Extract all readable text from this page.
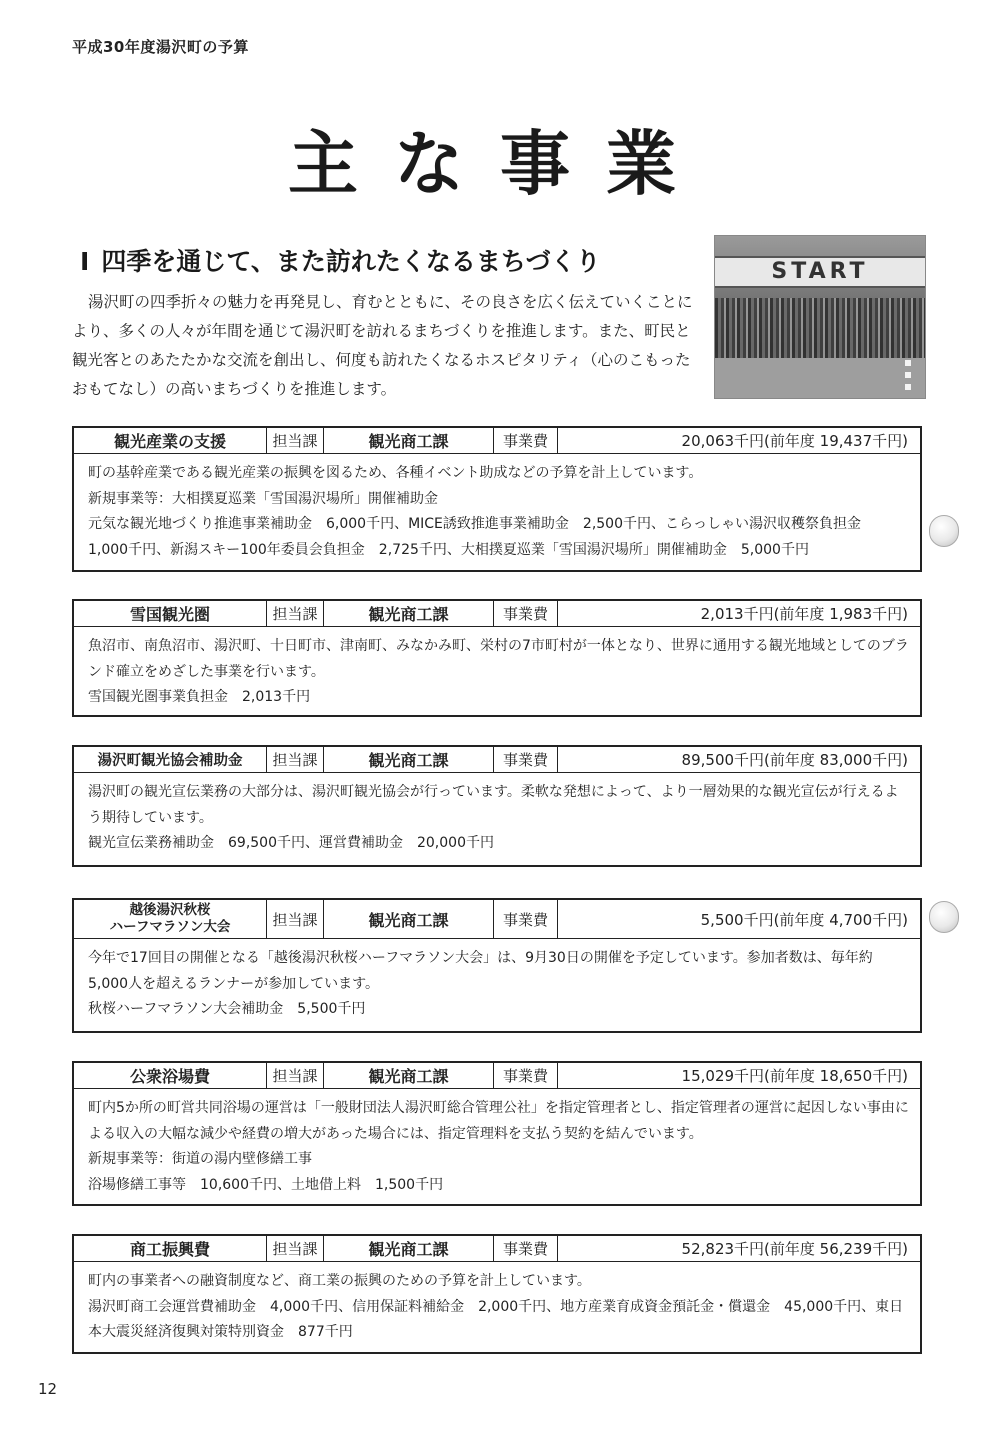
平成30年度湯沢町の予算
主な事業
Ⅰ 四季を通じて、また訪れたくなるまちづくり
湯沢町の四季折々の魅力を再発見し、育むとともに、その良さを広く伝えていくことにより、多くの人々が年間を通じて湯沢町を訪れるまちづくりを推進します。また、町民と観光客とのあたたかな交流を創出し、何度も訪れたくなるホスピタリティ（心のこもったおもてなし）の高いまちづくりを推進します。
START
観光産業の支援	担当課	観光商工課	事業費	20,063千円(前年度 19,437千円)

町の基幹産業である観光産業の振興を図るため、各種イベント助成などの予算を計上しています。

新規事業等：大相撲夏巡業「雪国湯沢場所」開催補助金

元気な観光地づくり推進事業補助金　6,000千円、MICE誘致推進事業補助金　2,500千円、こらっしゃい湯沢収穫祭負担金　1,000千円、新潟スキー100年委員会負担金　2,725千円、大相撲夏巡業「雪国湯沢場所」開催補助金　5,000千円

雪国観光圏	担当課	観光商工課	事業費	2,013千円(前年度 1,983千円)

魚沼市、南魚沼市、湯沢町、十日町市、津南町、みなかみ町、栄村の7市町村が一体となり、世界に通用する観光地域としてのブランド確立をめざした事業を行います。

雪国観光圏事業負担金　2,013千円

湯沢町観光協会補助金	担当課	観光商工課	事業費	89,500千円(前年度 83,000千円)

湯沢町の観光宣伝業務の大部分は、湯沢町観光協会が行っています。柔軟な発想によって、より一層効果的な観光宣伝が行えるよう期待しています。

観光宣伝業務補助金　69,500千円、運営費補助金　20,000千円

越後湯沢秋桜
ハーフマラソン大会	担当課	観光商工課	事業費	5,500千円(前年度 4,700千円)

今年で17回目の開催となる「越後湯沢秋桜ハーフマラソン大会」は、9月30日の開催を予定しています。参加者数は、毎年約5,000人を超えるランナーが参加しています。

秋桜ハーフマラソン大会補助金　5,500千円

公衆浴場費	担当課	観光商工課	事業費	15,029千円(前年度 18,650千円)

町内5か所の町営共同浴場の運営は「一般財団法人湯沢町総合管理公社」を指定管理者とし、指定管理者の運営に起因しない事由による収入の大幅な減少や経費の増大があった場合には、指定管理料を支払う契約を結んでいます。

新規事業等：街道の湯内壁修繕工事

浴場修繕工事等　10,600千円、土地借上料　1,500千円

商工振興費	担当課	観光商工課	事業費	52,823千円(前年度 56,239千円)

町内の事業者への融資制度など、商工業の振興のための予算を計上しています。

湯沢町商工会運営費補助金　4,000千円、信用保証料補給金　2,000千円、地方産業育成資金預託金・償還金　45,000千円、東日本大震災経済復興対策特別資金　877千円

12
